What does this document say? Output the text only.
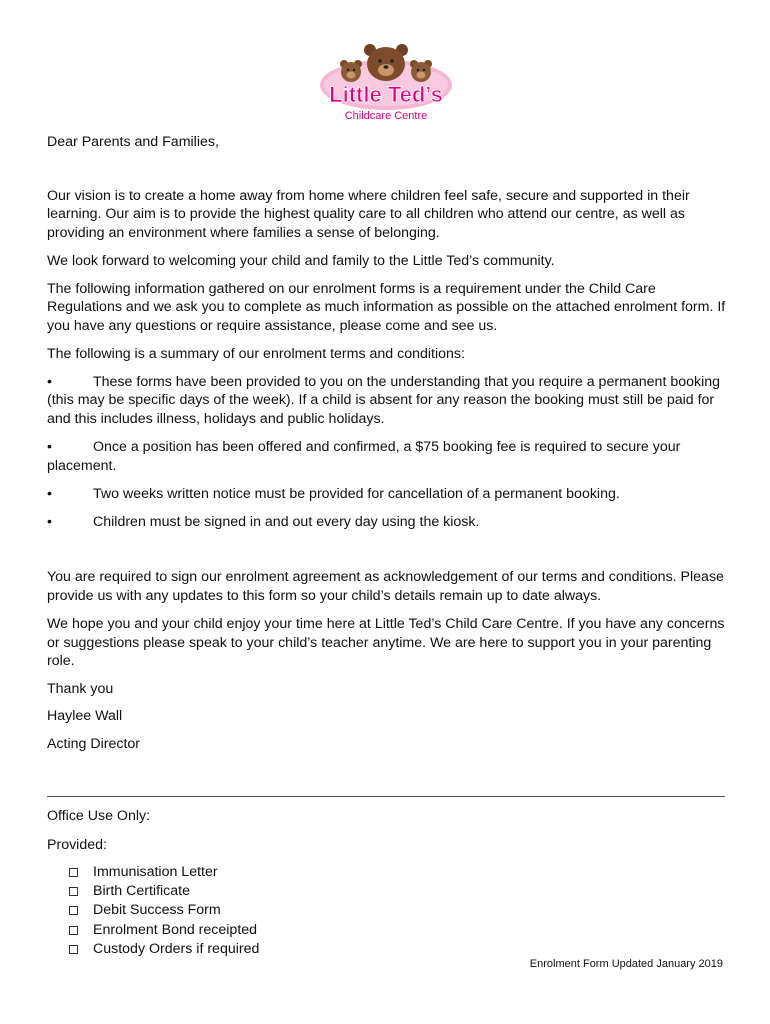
Little Ted’s
Childcare Centre

Dear Parents and Families,

Our vision is to create a home away from home where children feel safe, secure and supported in their learning. Our aim is to provide the highest quality care to all children who attend our centre, as well as providing an environment where families a sense of belonging.

We look forward to welcoming your child and family to the Little Ted’s community.

The following information gathered on our enrolment forms is a requirement under the Child Care Regulations and we ask you to complete as much information as possible on the attached enrolment form. If you have any questions or require assistance, please come and see us.

The following is a summary of our enrolment terms and conditions:

•	These forms have been provided to you on the understanding that you require a permanent booking (this may be specific days of the week). If a child is absent for any reason the booking must still be paid for and this includes illness, holidays and public holidays.

•	Once a position has been offered and confirmed, a $75 booking fee is required to secure your placement.

•	Two weeks written notice must be provided for cancellation of a permanent booking.

•	Children must be signed in and out every day using the kiosk.

You are required to sign our enrolment agreement as acknowledgement of our terms and conditions. Please provide us with any updates to this form so your child’s details remain up to date always.

We hope you and your child enjoy your time here at Little Ted’s Child Care Centre. If you have any concerns or suggestions please speak to your child’s teacher anytime. We are here to support you in your parenting role.

Thank you

Haylee Wall

Acting Director

Office Use Only:

Provided:

Immunisation Letter
Birth Certificate
Debit Success Form
Enrolment Bond receipted
Custody Orders if required
Enrolment Form Updated January 2019
